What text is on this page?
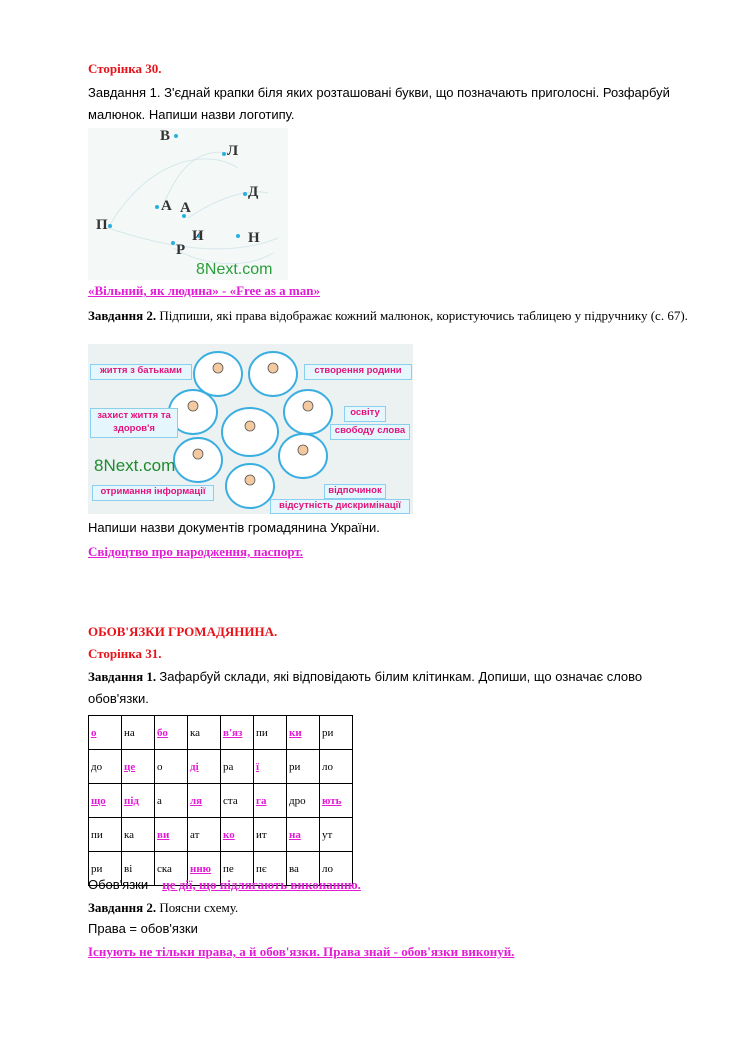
Сторінка 30.
Завдання 1. З'єднай крапки біля яких розташовані букви, що позначають приголосні. Розфарбуй малюнок. Напиши назви логотипу.
В
Л
Д
А А
П
И	Н
Р
8Next.com
«Вільний, як людина» - «Free as a man»
Завдання 2. Підпиши, які права відображає кожний малюнок, користуючись таблицею у підручнику (с. 67).
життя з батьками	створення родини
захист життя та здоров'я
освіту
свободу слова
отримання інформації	відпочинок
відсутність дискримінації
8Next.com
Напиши назви документів громадянина України.
Свідоцтво про народження, паспорт.
ОБОВ'ЯЗКИ ГРОМАДЯНИНА.
Сторінка 31.
Завдання 1. Зафарбуй склади, які відповідають білим клітинкам. Допиши, що означає слово обов'язки.
о	на	бо	ка	в'яз	пи	ки	ри
до	це	о	ді	ра	ї	ри	ло
що	під	а	ля	ста	га	дро	ють
пи	ка	ви	ат	ко	ит	на	ут
ри	ві	ска	нню	пе	пє	ва	ло
Обов'язки – це дії, що підлягають виконанню.
Завдання 2. Поясни схему.
Права = обов'язки
Існують не тільки права, а й обов'язки. Права знай - обов'язки виконуй.
